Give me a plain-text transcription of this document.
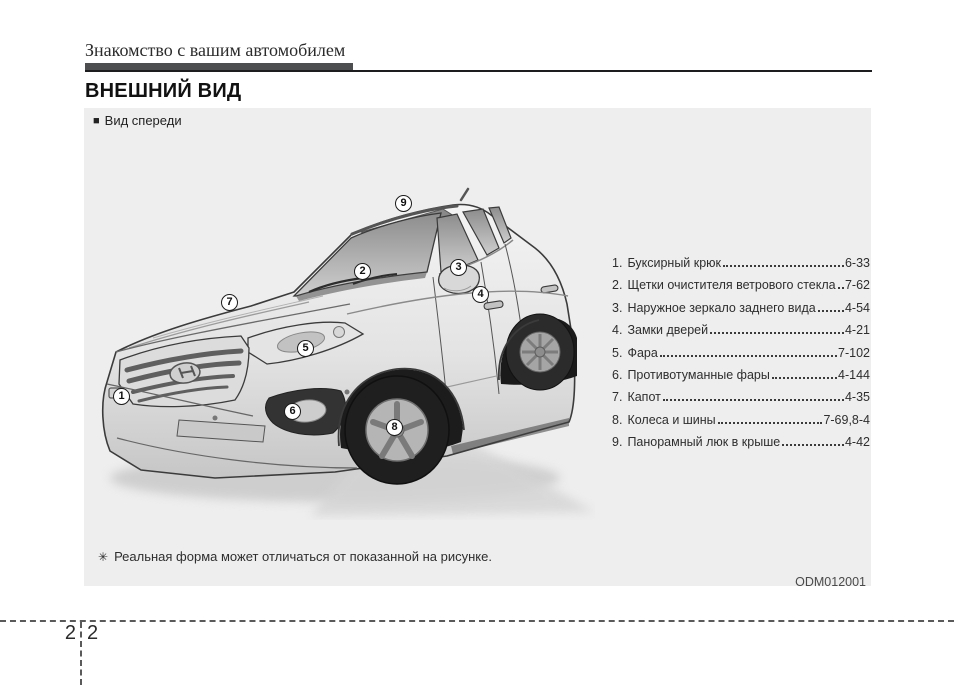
Знакомство с вашим автомобилем
ВНЕШНИЙ ВИД
■ Вид спереди
1
2	3
4
5
6
7
8
9
1. Буксирный крюк	6-33
2. Щетки очистителя ветрового стекла 7-62
3. Наружное зеркало заднего вида 4-54
4. Замки дверей	4-21
5. Фара	7-102
6. Противотуманные фары	4-144
7. Капот	4-35
8. Колеса и шины	7-69,8-4
9. Панорамный люк в крыше	4-42
✳ Реальная форма может отличаться от показанной на рисунке.
ODM012001
2 2
